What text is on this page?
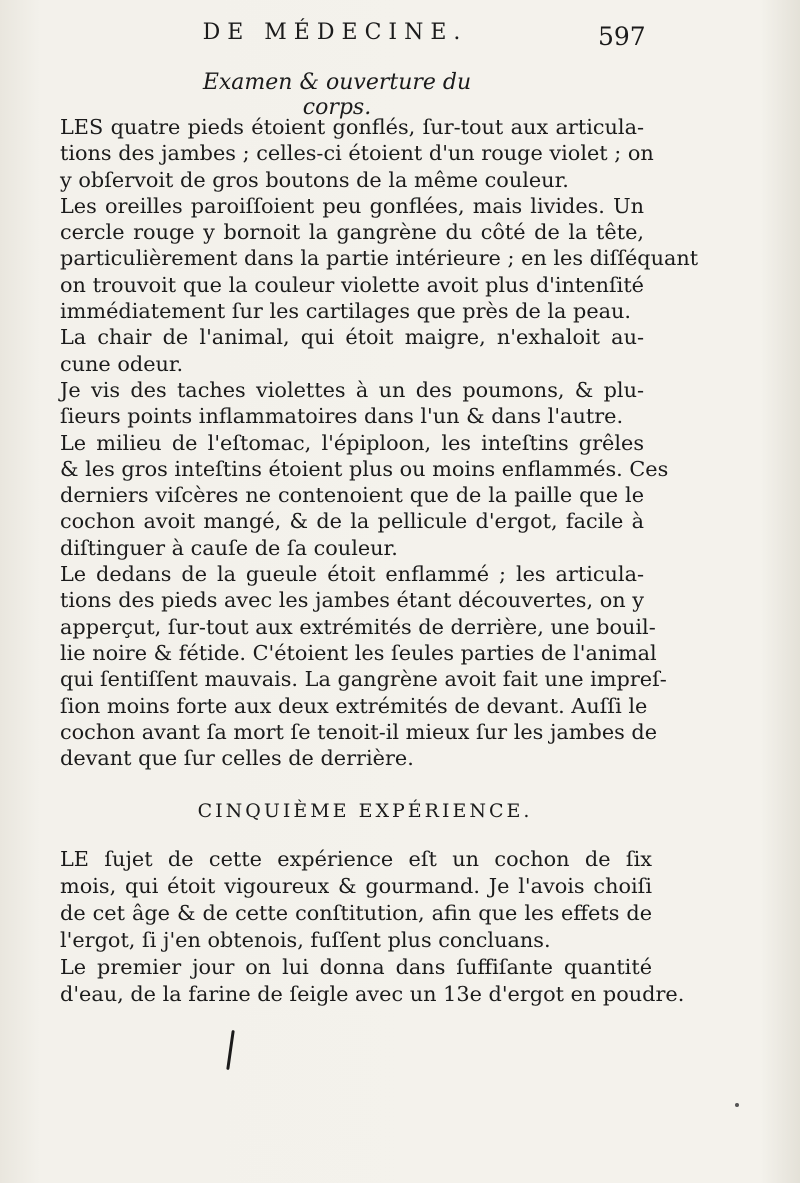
DE MÉDECINE.	597
Examen & ouverture du corps.
LES quatre pieds étoient gonflés, ſur-tout aux articula-
tions des jambes ; celles-ci étoient d'un rouge violet ; on
y obſervoit de gros boutons de la même couleur.
Les oreilles paroiſſoient peu gonflées, mais livides. Un
cercle rouge y bornoit la gangrène du côté de la tête,
particulièrement dans la partie intérieure ; en les diſſéquant
on trouvoit que la couleur violette avoit plus d'intenſité
immédiatement ſur les cartilages que près de la peau.
La chair de l'animal, qui étoit maigre, n'exhaloit au-
cune odeur.
Je vis des taches violettes à un des poumons, & plu-
ſieurs points inflammatoires dans l'un & dans l'autre.
Le milieu de l'eſtomac, l'épiploon, les inteſtins grêles
& les gros inteſtins étoient plus ou moins enflammés. Ces
derniers viſcères ne contenoient que de la paille que le
cochon avoit mangé, & de la pellicule d'ergot, facile à
diſtinguer à cauſe de ſa couleur.
Le dedans de la gueule étoit enflammé ; les articula-
tions des pieds avec les jambes étant découvertes, on y
apperçut, ſur-tout aux extrémités de derrière, une bouil-
lie noire & fétide. C'étoient les ſeules parties de l'animal
qui ſentiſſent mauvais. La gangrène avoit fait une impreſ-
ſion moins forte aux deux extrémités de devant. Auſſi le
cochon avant ſa mort ſe tenoit-il mieux ſur les jambes de
devant que ſur celles de derrière.
CINQUIÈME EXPÉRIENCE.
LE ſujet de cette expérience eſt un cochon de ſix
mois, qui étoit vigoureux & gourmand. Je l'avois choiſi
de cet âge & de cette conſtitution, afin que les effets de
l'ergot, ſi j'en obtenois, fuſſent plus concluans.
Le premier jour on lui donna dans ſuffiſante quantité
d'eau, de la farine de ſeigle avec un 13e d'ergot en poudre.
